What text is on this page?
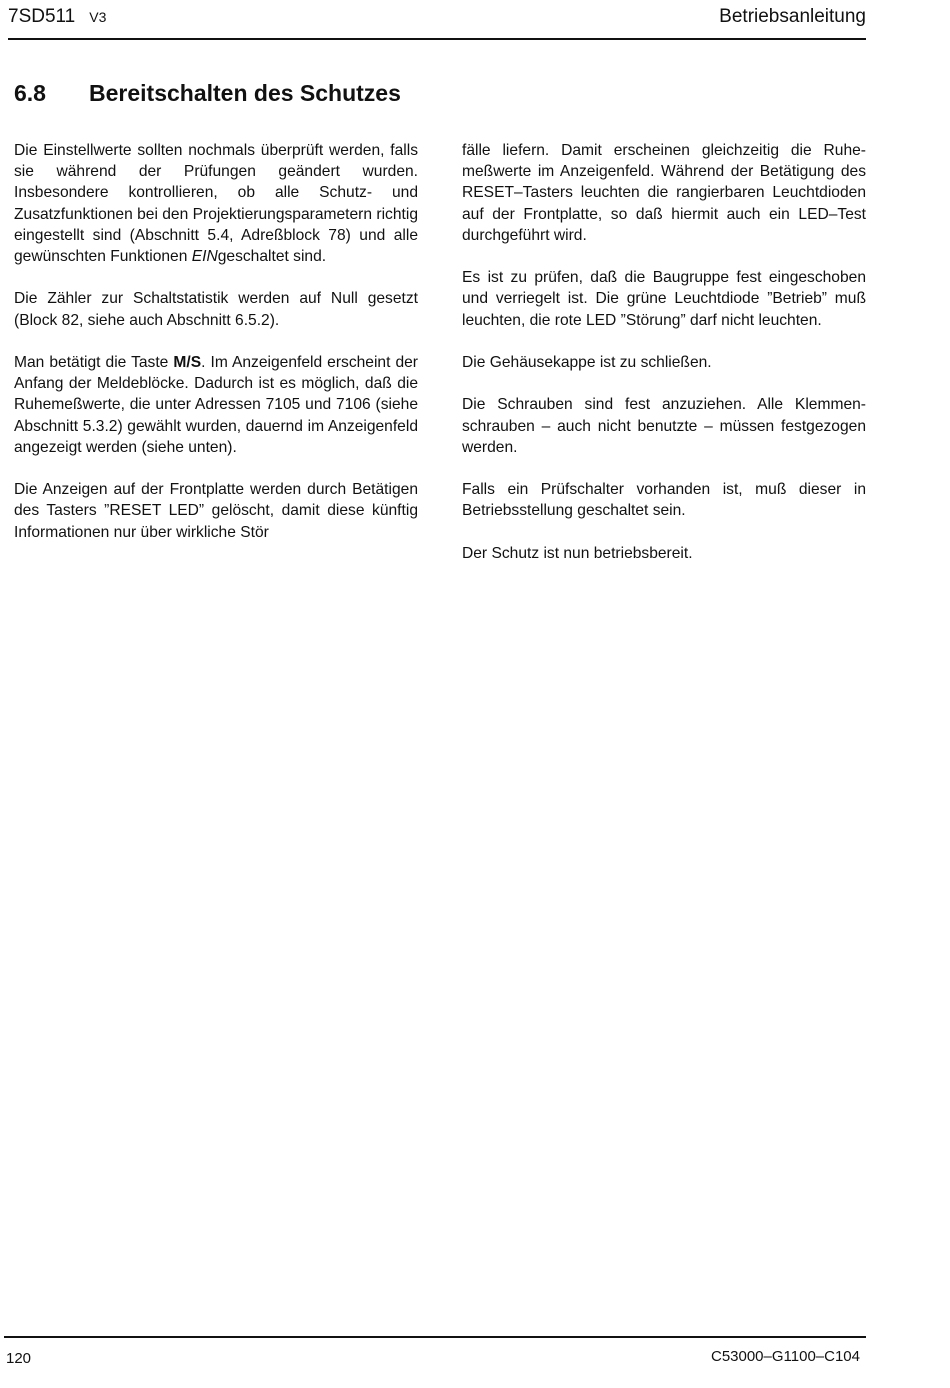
7SD511 V3	Betriebsanleitung
6.8 Bereitschalten des Schutzes

Die Einstellwerte sollten nochmals überprüft werden, falls sie während der Prüfungen geändert wurden. Insbesondere kontrollieren, ob alle Schutz- und Zusatzfunktionen bei den Projektierungsparametern richtig eingestellt sind (Abschnitt 5.4, Adreßblock 78) und alle gewünschten Funktionen EINgeschaltet sind.

Die Zähler zur Schaltstatistik werden auf Null gesetzt (Block 82, siehe auch Abschnitt 6.5.2).

Man betätigt die Taste M/S. Im Anzeigenfeld erscheint der Anfang der Meldeblöcke. Dadurch ist es möglich, daß die Ruhemeßwerte, die unter Adressen 7105 und 7106 (siehe Abschnitt 5.3.2) gewählt wurden, dauernd im Anzeigenfeld angezeigt werden (siehe unten).

Die Anzeigen auf der Frontplatte werden durch Betätigen des Tasters ”RESET LED” gelöscht, damit diese künftig Informationen nur über wirkliche Stör

fälle liefern. Damit erscheinen gleichzeitig die Ruhemeßwerte im Anzeigenfeld. Während der Betätigung des RESET–Tasters leuchten die rangierbaren Leuchtdioden auf der Frontplatte, so daß hiermit auch ein LED–Test durchgeführt wird.

Es ist zu prüfen, daß die Baugruppe fest eingeschoben und verriegelt ist. Die grüne Leuchtdiode ”Betrieb” muß leuchten, die rote LED ”Störung” darf nicht leuchten.

Die Gehäusekappe ist zu schließen.

Die Schrauben sind fest anzuziehen. Alle Klemmenschrauben – auch nicht benutzte – müssen festgezogen werden.

Falls ein Prüfschalter vorhanden ist, muß dieser in Betriebsstellung geschaltet sein.

Der Schutz ist nun betriebsbereit.

120	C53000–G1100–C104
